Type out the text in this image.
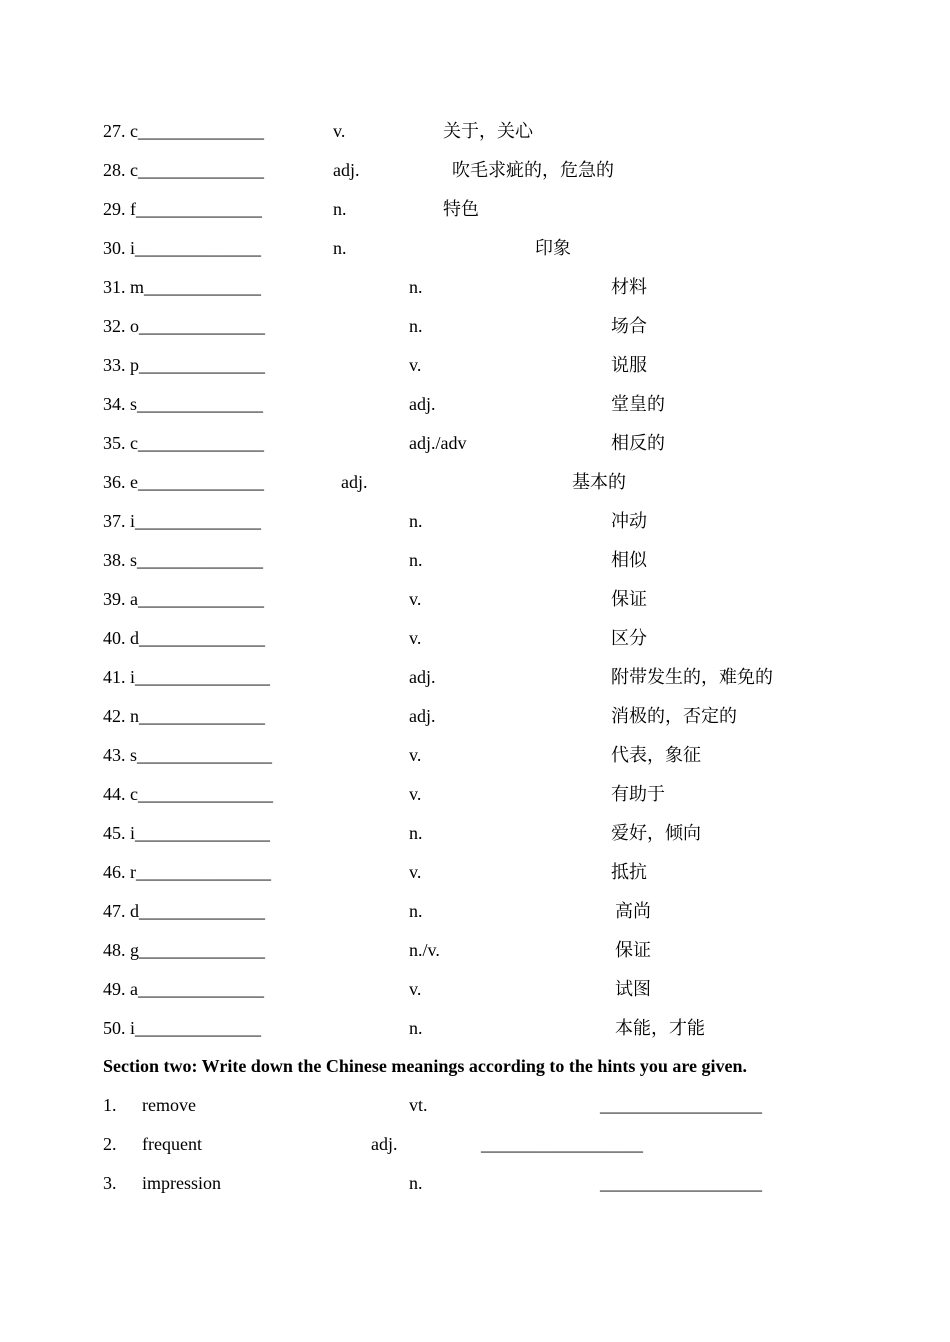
27. c______________	v.	关于，关心
28. c______________	adj.	吹毛求疵的，危急的
29. f______________	n.	特色
30. i______________	n.	印象
31. m_____________	n.	材料
32. o______________	n.	场合
33. p______________	v.	说服
34. s______________	adj.	堂皇的
35. c______________	adj./adv	相反的
36. e______________	adj.	基本的
37. i______________	n.	冲动
38. s______________	n.	相似
39. a______________	v.	保证
40. d______________	v.	区分
41. i_______________	adj.	附带发生的，难免的
42. n______________	adj.	消极的，否定的
43. s_______________	v.	代表，象征
44. c_______________	v.	有助于
45. i_______________	n.	爱好，倾向
46. r_______________	v.	抵抗
47. d______________	n.	高尚
48. g______________	n./v.	保证
49. a______________	v.	试图
50. i______________	n.	本能，才能
Section two: Write down the Chinese meanings according to the hints you are given.
1. remove	vt.	__________________
2. frequent	adj.	__________________
3. impression	n.	__________________
